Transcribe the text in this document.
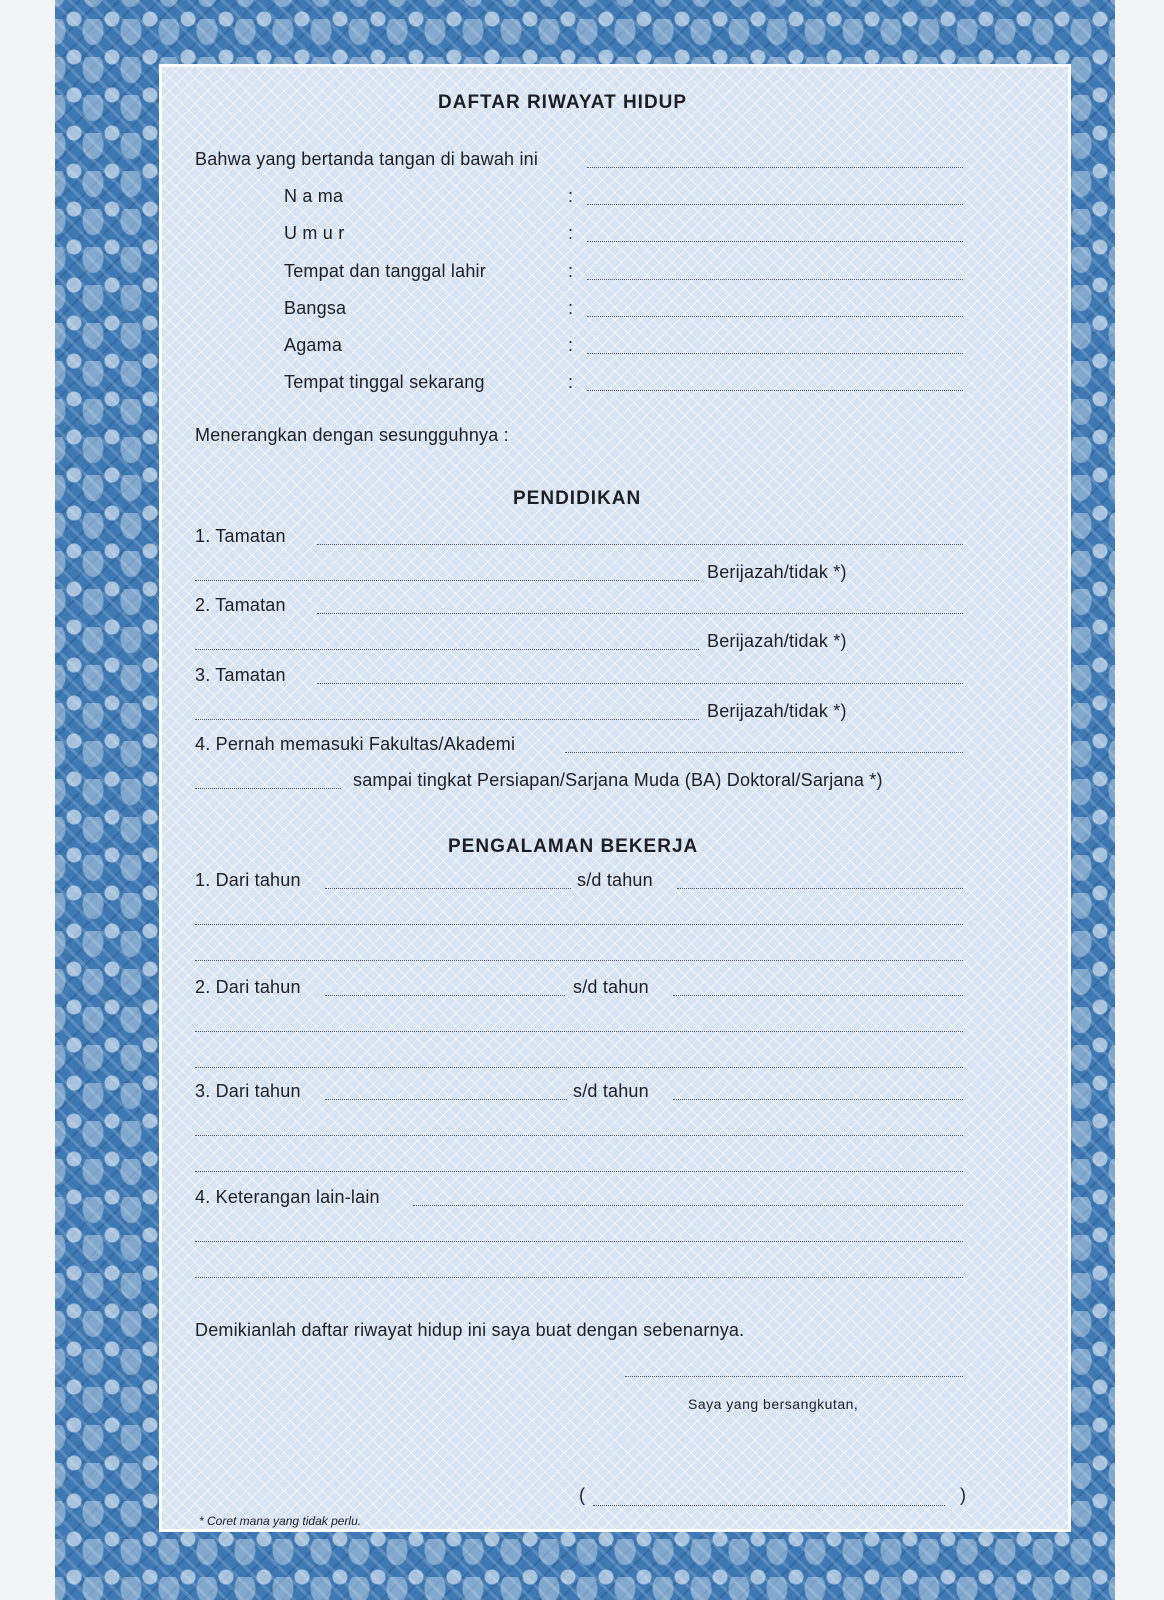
DAFTAR RIWAYAT HIDUP
Bahwa yang bertanda tangan di bawah ini
N a ma	:
U m u r	:
Tempat dan tanggal lahir	:
Bangsa	:
Agama	:
Tempat tinggal sekarang	:
Menerangkan dengan sesungguhnya :
PENDIDIKAN
1. Tamatan
Berijazah/tidak *)
2. Tamatan
Berijazah/tidak *)
3. Tamatan
Berijazah/tidak *)
4. Pernah memasuki Fakultas/Akademi
sampai tingkat Persiapan/Sarjana Muda (BA) Doktoral/Sarjana *)
PENGALAMAN BEKERJA
1. Dari tahun	s/d tahun
2. Dari tahun	s/d tahun
3. Dari tahun	s/d tahun
4. Keterangan lain-lain
Demikianlah daftar riwayat hidup ini saya buat dengan sebenarnya.
Saya yang bersangkutan,
(	)
* Coret mana yang tidak perlu.
